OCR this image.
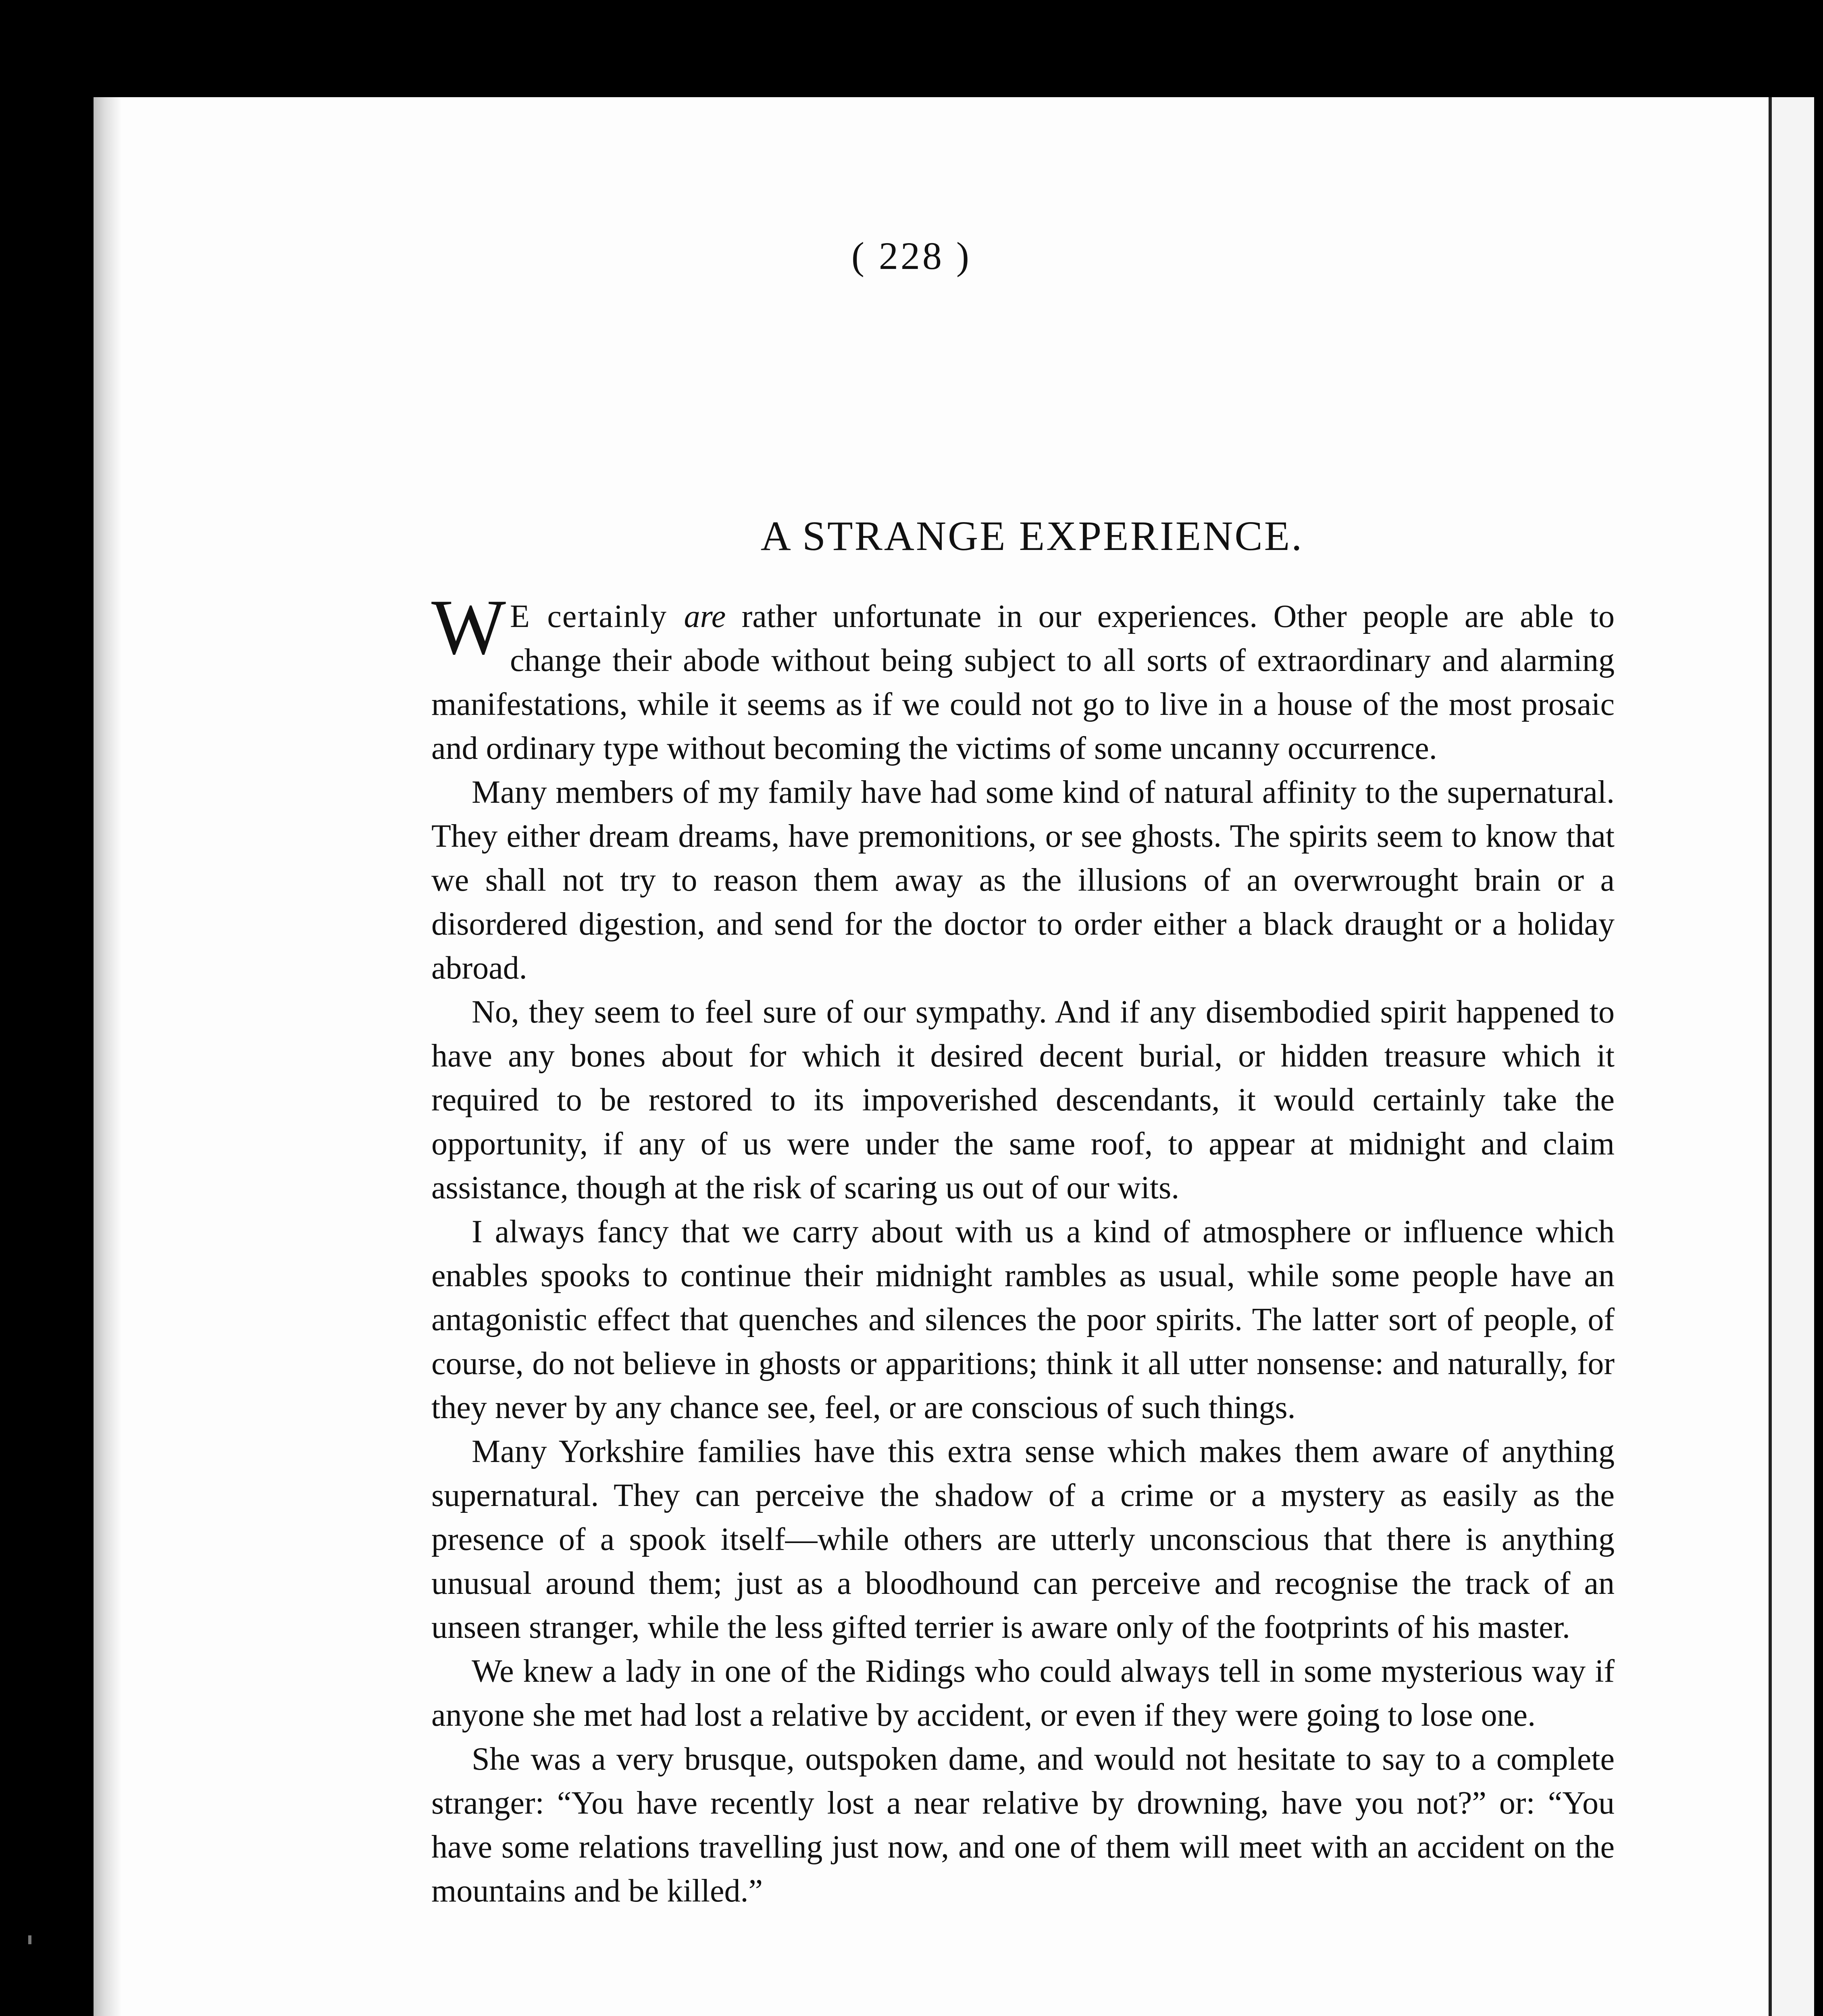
( 228 )
A STRANGE EXPERIENCE.

W E certainly are rather unfortunate in our experiences. Other people are able to change their abode without being subject to all sorts of extraordinary and alarming manifestations, while it seems as if we could not go to live in a house of the most prosaic and ordinary type without becoming the victims of some uncanny occurrence.

Many members of my family have had some kind of natural affinity to the supernatural. They either dream dreams, have premonitions, or see ghosts. The spirits seem to know that we shall not try to reason them away as the illusions of an overwrought brain or a disordered digestion, and send for the doctor to order either a black draught or a holiday abroad.

No, they seem to feel sure of our sympathy. And if any disembodied spirit happened to have any bones about for which it desired decent burial, or hidden treasure which it required to be restored to its impoverished descendants, it would certainly take the opportunity, if any of us were under the same roof, to appear at midnight and claim assistance, though at the risk of scaring us out of our wits.

I always fancy that we carry about with us a kind of atmosphere or influence which enables spooks to continue their midnight rambles as usual, while some people have an antagonistic effect that quenches and silences the poor spirits. The latter sort of people, of course, do not believe in ghosts or apparitions; think it all utter nonsense: and naturally, for they never by any chance see, feel, or are conscious of such things.

Many Yorkshire families have this extra sense which makes them aware of anything supernatural. They can perceive the shadow of a crime or a mystery as easily as the presence of a spook itself—while others are utterly unconscious that there is anything unusual around them; just as a bloodhound can perceive and recognise the track of an unseen stranger, while the less gifted terrier is aware only of the footprints of his master.

We knew a lady in one of the Ridings who could always tell in some mysterious way if anyone she met had lost a relative by accident, or even if they were going to lose one.

She was a very brusque, outspoken dame, and would not hesitate to say to a complete stranger: “You have recently lost a near relative by drowning, have you not?” or: “You have some relations travelling just now, and one of them will meet with an accident on the mountains and be killed.”
